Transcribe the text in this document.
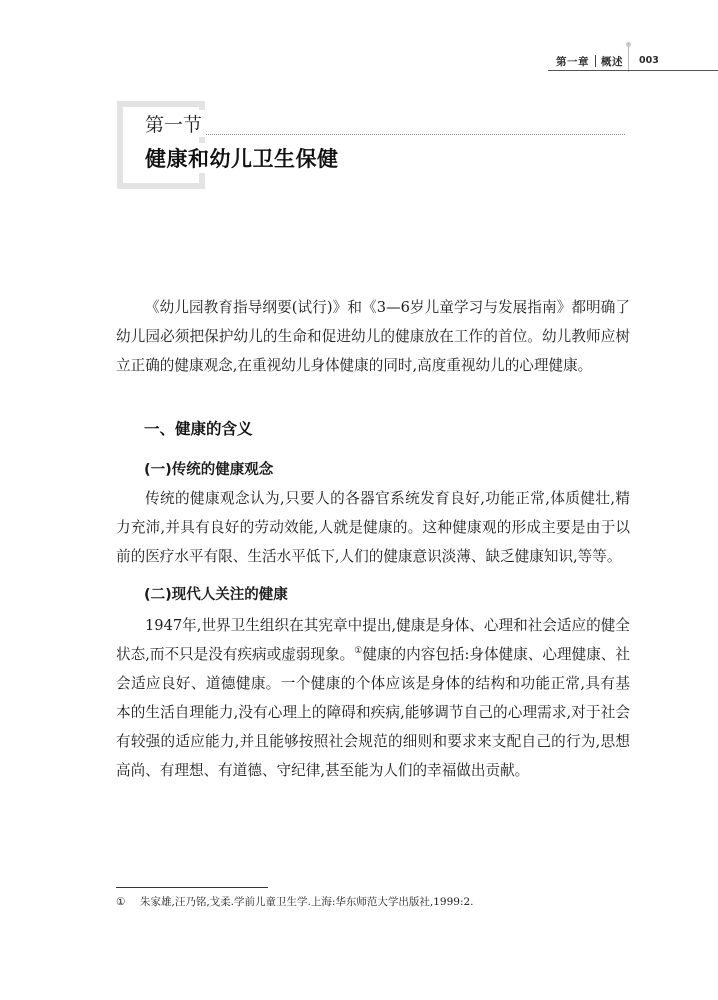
第一章 概述 003
第一节
健康和幼儿卫生保健

《幼儿园教育指导纲要(试行)》和《3—6岁儿童学习与发展指南》都明确了幼儿园必须把保护幼儿的生命和促进幼儿的健康放在工作的首位。幼儿教师应树立正确的健康观念,在重视幼儿身体健康的同时,高度重视幼儿的心理健康。

一、健康的含义
(一)传统的健康观念

传统的健康观念认为,只要人的各器官系统发育良好,功能正常,体质健壮,精力充沛,并具有良好的劳动效能,人就是健康的。这种健康观的形成主要是由于以前的医疗水平有限、生活水平低下,人们的健康意识淡薄、缺乏健康知识,等等。

(二)现代人关注的健康

1947年,世界卫生组织在其宪章中提出,健康是身体、心理和社会适应的健全状态,而不只是没有疾病或虚弱现象。①健康的内容包括:身体健康、心理健康、社会适应良好、道德健康。一个健康的个体应该是身体的结构和功能正常,具有基本的生活自理能力,没有心理上的障碍和疾病,能够调节自己的心理需求,对于社会有较强的适应能力,并且能够按照社会规范的细则和要求来支配自己的行为,思想高尚、有理想、有道德、守纪律,甚至能为人们的幸福做出贡献。

① 朱家雄,汪乃铭,戈柔.学前儿童卫生学.上海:华东师范大学出版社,1999:2.
